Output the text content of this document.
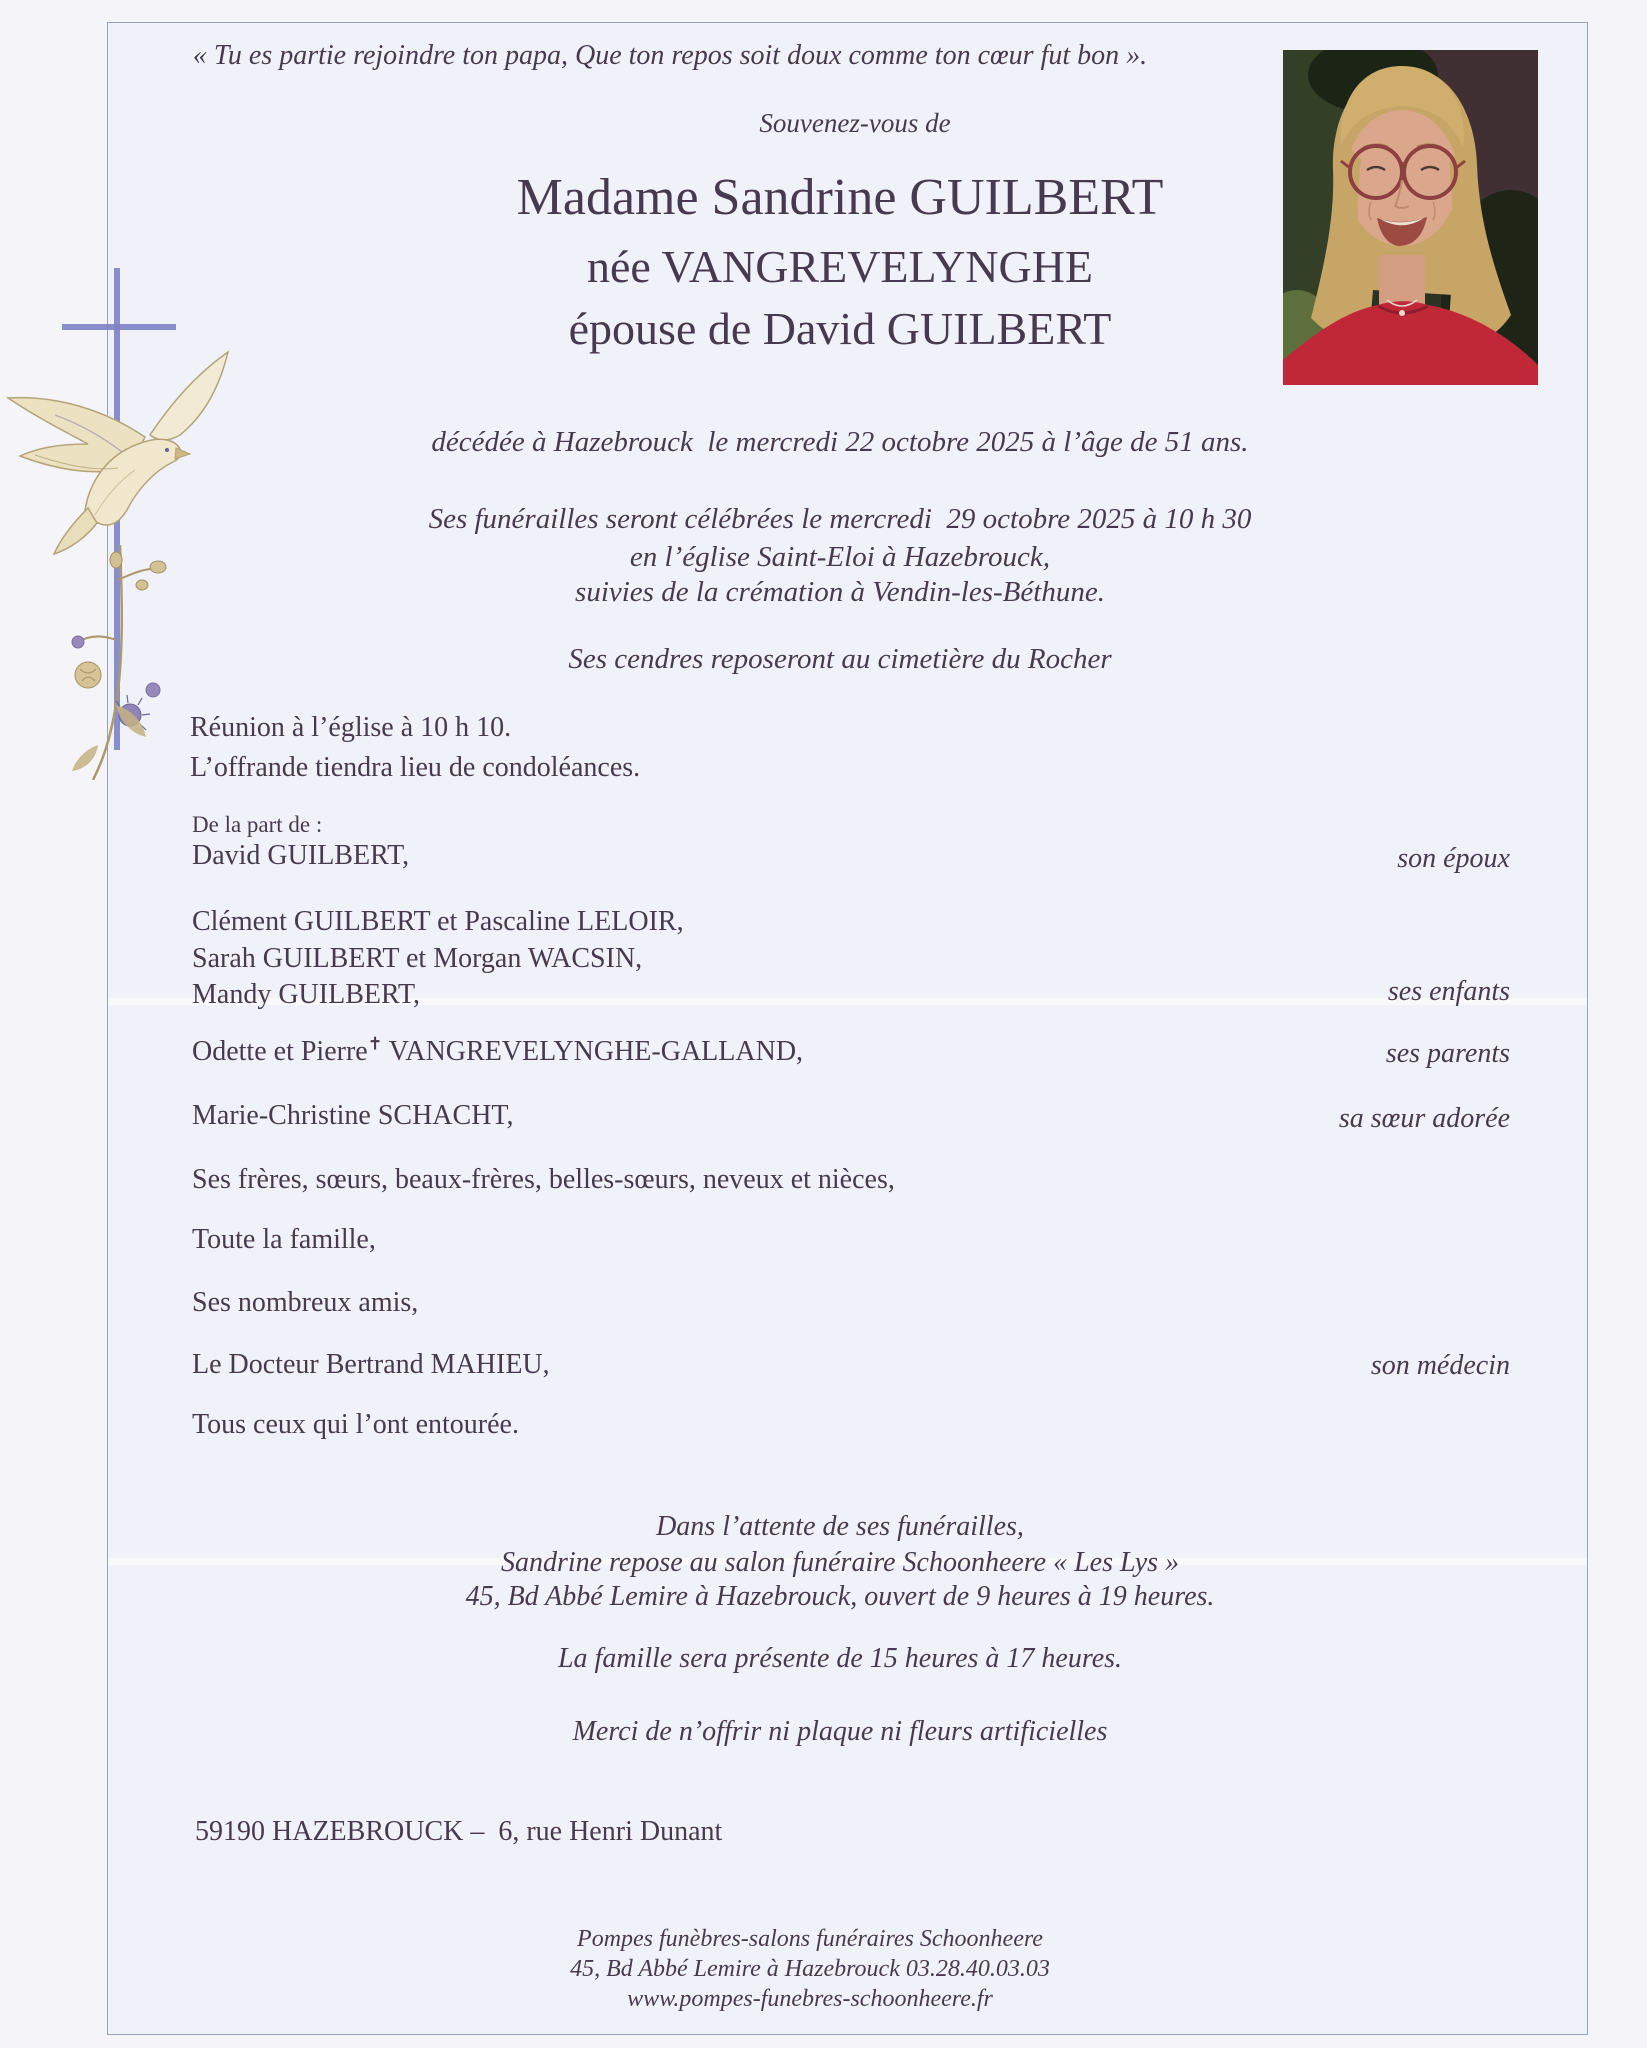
« Tu es partie rejoindre ton papa, Que ton repos soit doux comme ton cœur fut bon ».
Souvenez-vous de
Madame Sandrine GUILBERT
née VANGREVELYNGHE
épouse de David GUILBERT
décédée à Hazebrouck  le mercredi 22 octobre 2025 à l’âge de 51 ans.
Ses funérailles seront célébrées le mercredi  29 octobre 2025 à 10 h 30
en l’église Saint-Eloi à Hazebrouck,
suivies de la crémation à Vendin-les-Béthune.
Ses cendres reposeront au cimetière du Rocher
Réunion à l’église à 10 h 10.
L’offrande tiendra lieu de condoléances.
De la part de :
David GUILBERT,	son époux
Clément GUILBERT et Pascaline LELOIR,
Sarah GUILBERT et Morgan WACSIN,
Mandy GUILBERT,	ses enfants
Odette et Pierre✝ VANGREVELYNGHE-GALLAND,	ses parents
Marie-Christine SCHACHT,	sa sœur adorée
Ses frères, sœurs, beaux-frères, belles-sœurs, neveux et nièces,
Toute la famille,
Ses nombreux amis,
Le Docteur Bertrand MAHIEU,	son médecin
Tous ceux qui l’ont entourée.
Dans l’attente de ses funérailles,
Sandrine repose au salon funéraire Schoonheere « Les Lys »
45, Bd Abbé Lemire à Hazebrouck, ouvert de 9 heures à 19 heures.
La famille sera présente de 15 heures à 17 heures.
Merci de n’offrir ni plaque ni fleurs artificielles
59190 HAZEBROUCK –  6, rue Henri Dunant
Pompes funèbres-salons funéraires Schoonheere
45, Bd Abbé Lemire à Hazebrouck 03.28.40.03.03
www.pompes-funebres-schoonheere.fr
